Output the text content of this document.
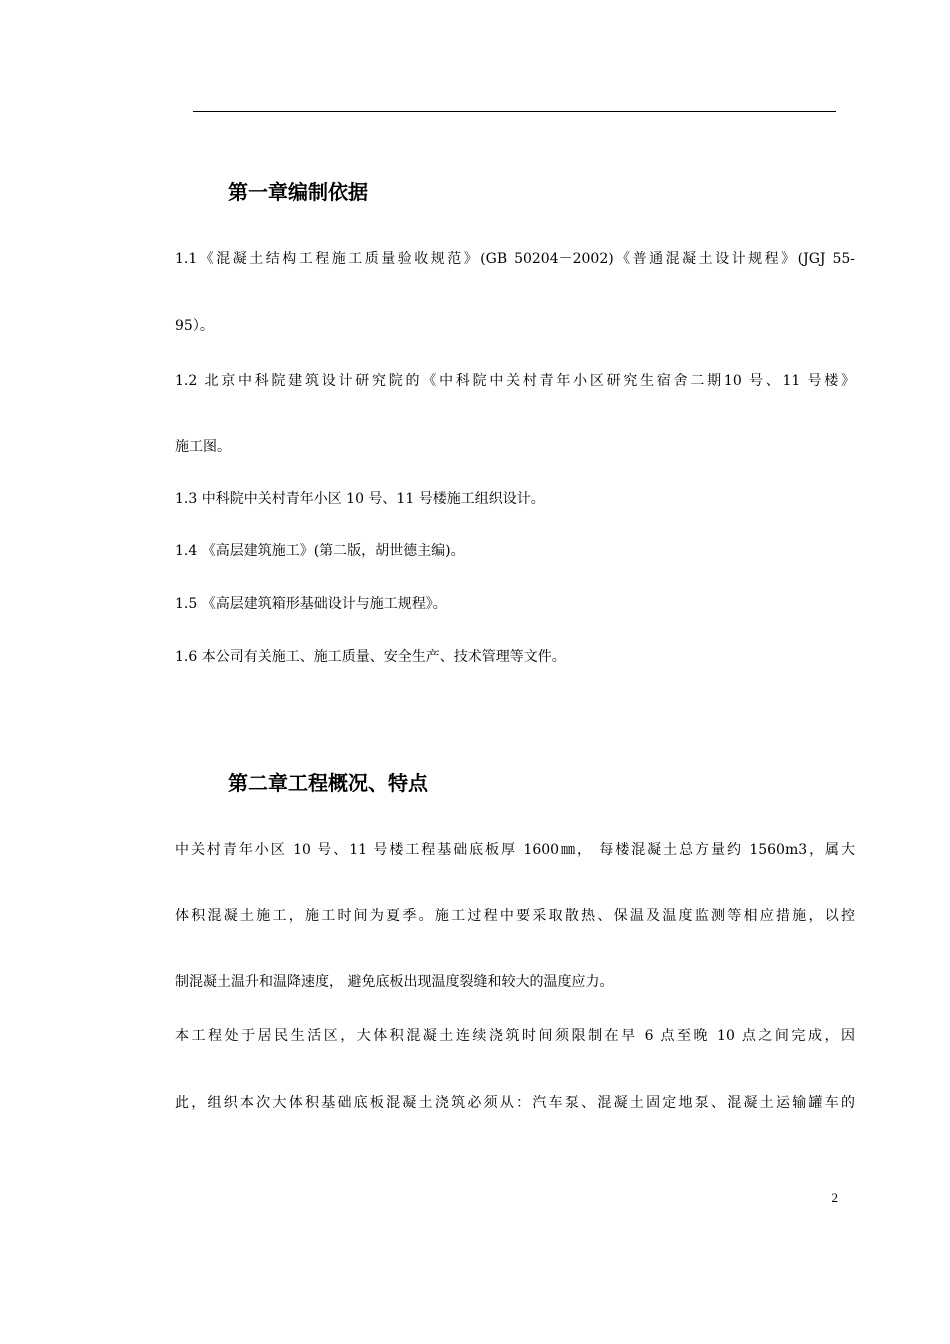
第一章编制依据
1.1《混凝土结构工程施工质量验收规范》(GB 50204－2002)《普通混凝土设计规程》(JGJ 55-
95）。
1.2 北京中科院建筑设计研究院的《中科院中关村青年小区研究生宿舍二期10 号、11 号楼》
施工图。
1.3 中科院中关村青年小区 10 号、11 号楼施工组织设计。
1.4 《高层建筑施工》(第二版，胡世德主编)。
1.5 《高层建筑箱形基础设计与施工规程》。
1.6 本公司有关施工、施工质量、安全生产、技术管理等文件。
第二章工程概况、特点
中关村青年小区 10 号、11 号楼工程基础底板厚 1600㎜， 每楼混凝土总方量约 1560m3，属大
体积混凝土施工，施工时间为夏季。施工过程中要采取散热、保温及温度监测等相应措施，以控
制混凝土温升和温降速度， 避免底板出现温度裂缝和较大的温度应力。
本工程处于居民生活区，大体积混凝土连续浇筑时间须限制在早 6 点至晚 10 点之间完成，因
此，组织本次大体积基础底板混凝土浇筑必须从：汽车泵、混凝土固定地泵、混凝土运输罐车的
2
